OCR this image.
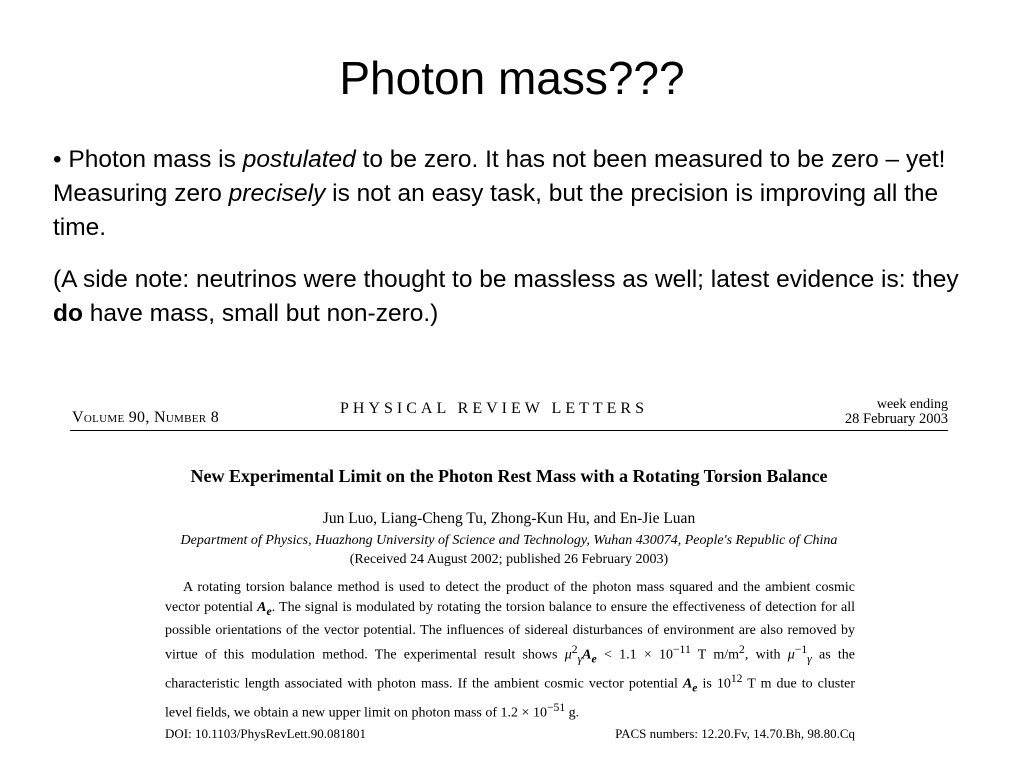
Photon mass???
• Photon mass is postulated to be zero. It has not been measured to be zero – yet! Measuring zero precisely is not an easy task, but the precision is improving all the time.
(A side note: neutrinos were thought to be massless as well; latest evidence is: they do have mass, small but non-zero.)
Volume 90, Number 8
PHYSICAL REVIEW LETTERS	week ending
28 February 2003
New Experimental Limit on the Photon Rest Mass with a Rotating Torsion Balance
Jun Luo, Liang-Cheng Tu, Zhong-Kun Hu, and En-Jie Luan
Department of Physics, Huazhong University of Science and Technology, Wuhan 430074, People's Republic of China
(Received 24 August 2002; published 26 February 2003)

A rotating torsion balance method is used to detect the product of the photon mass squared and the ambient cosmic vector potential $A_e$. The signal is modulated by rotating the torsion balance to ensure the effectiveness of detection for all possible orientations of the vector potential. The influences of sidereal disturbances of environment are also removed by virtue of this modulation method. The experimental result shows $\mu^2_\gamma A_e < 1.1 \times 10^{-11}$ T $m/m^2$, with $\mu^{-1}_\gamma$ as the characteristic length associated with photon mass. If the ambient cosmic vector potential $A_e$ is $10^{12}$ T m due to cluster level fields, we obtain a new upper limit on photon mass of $1.2 \times 10^{-51}$ g.

DOI: 10.1103/PhysRevLett.90.081801	PACS numbers: 12.20.Fv, 14.70.Bh, 98.80.Cq
